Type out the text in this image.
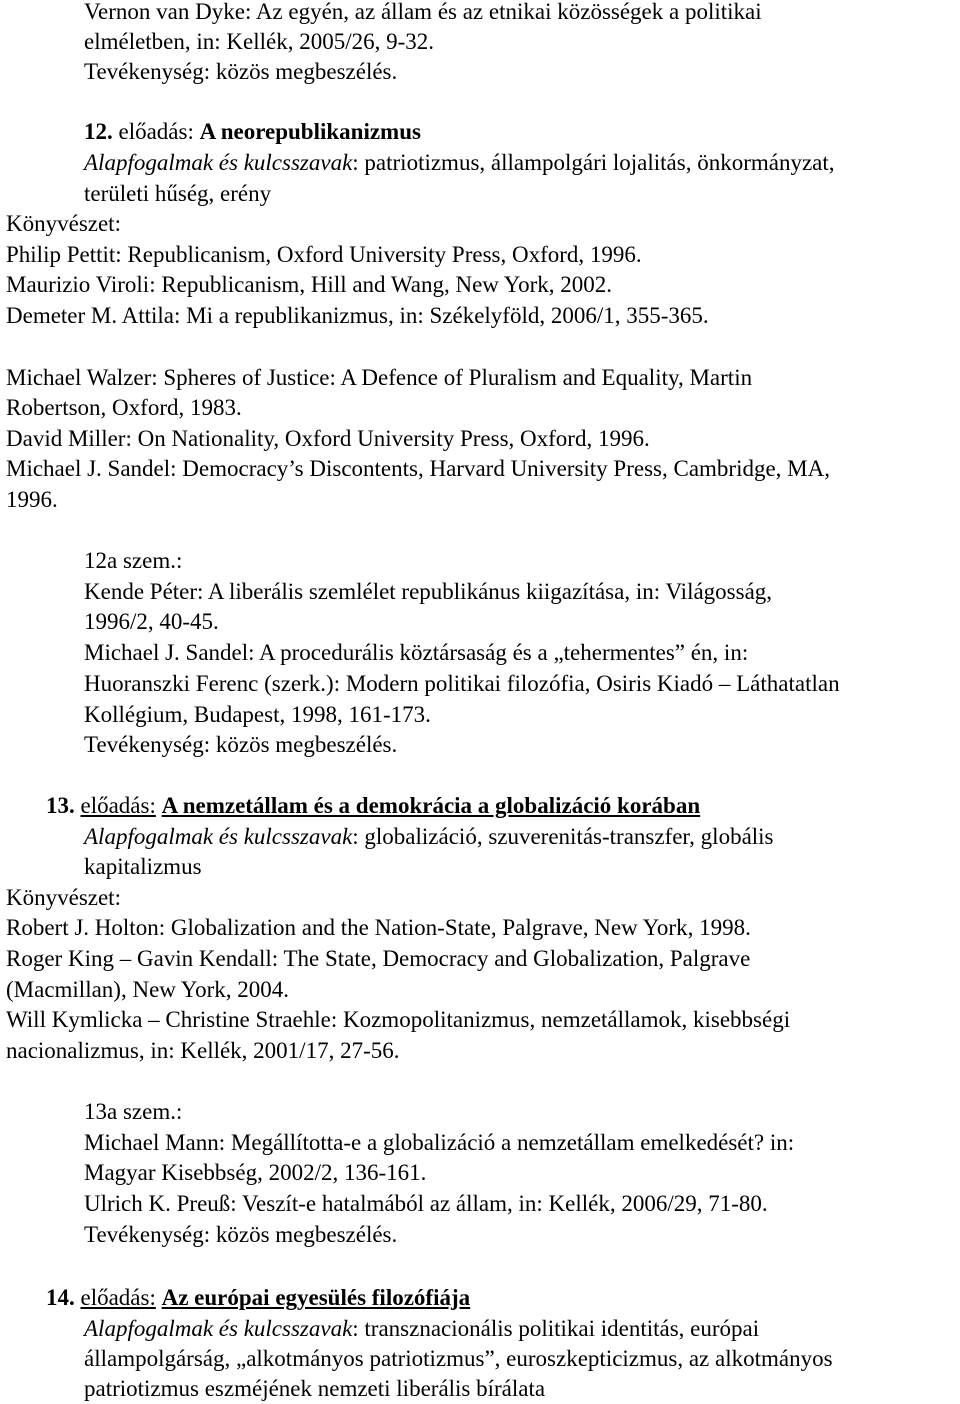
Vernon van Dyke: Az egyén, az állam és az etnikai közösségek a politikai
elméletben, in: Kellék, 2005/26, 9-32.
Tevékenység: közös megbeszélés.
12. előadás: A neorepublikanizmus
Alapfogalmak és kulcsszavak: patriotizmus, állampolgári lojalitás, önkormányzat,
területi hűség, erény
Könyvészet:
Philip Pettit: Republicanism, Oxford University Press, Oxford, 1996.
Maurizio Viroli: Republicanism, Hill and Wang, New York, 2002.
Demeter M. Attila: Mi a republikanizmus, in: Székelyföld, 2006/1, 355-365.
Michael Walzer: Spheres of Justice: A Defence of Pluralism and Equality, Martin
Robertson, Oxford, 1983.
David Miller: On Nationality, Oxford University Press, Oxford, 1996.
Michael J. Sandel: Democracy’s Discontents, Harvard University Press, Cambridge, MA,
1996.
12a szem.:
Kende Péter: A liberális szemlélet republikánus kiigazítása, in: Világosság,
1996/2, 40-45.
Michael J. Sandel: A procedurális köztársaság és a „tehermentes” én, in:
Huoranszki Ferenc (szerk.): Modern politikai filozófia, Osiris Kiadó – Láthatatlan
Kollégium, Budapest, 1998, 161-173.
Tevékenység: közös megbeszélés.
13. előadás: A nemzetállam és a demokrácia a globalizáció korában
Alapfogalmak és kulcsszavak: globalizáció, szuverenitás-transzfer, globális
kapitalizmus
Könyvészet:
Robert J. Holton: Globalization and the Nation-State, Palgrave, New York, 1998.
Roger King – Gavin Kendall: The State, Democracy and Globalization, Palgrave
(Macmillan), New York, 2004.
Will Kymlicka – Christine Straehle: Kozmopolitanizmus, nemzetállamok, kisebbségi
nacionalizmus, in: Kellék, 2001/17, 27-56.
13a szem.:
Michael Mann: Megállította-e a globalizáció a nemzetállam emelkedését? in:
Magyar Kisebbség, 2002/2, 136-161.
Ulrich K. Preuß: Veszít-e hatalmából az állam, in: Kellék, 2006/29, 71-80.
Tevékenység: közös megbeszélés.
14. előadás: Az európai egyesülés filozófiája
Alapfogalmak és kulcsszavak: transznacionális politikai identitás, európai
állampolgárság, „alkotmányos patriotizmus”, euroszkepticizmus, az alkotmányos
patriotizmus eszméjének nemzeti liberális bírálata
